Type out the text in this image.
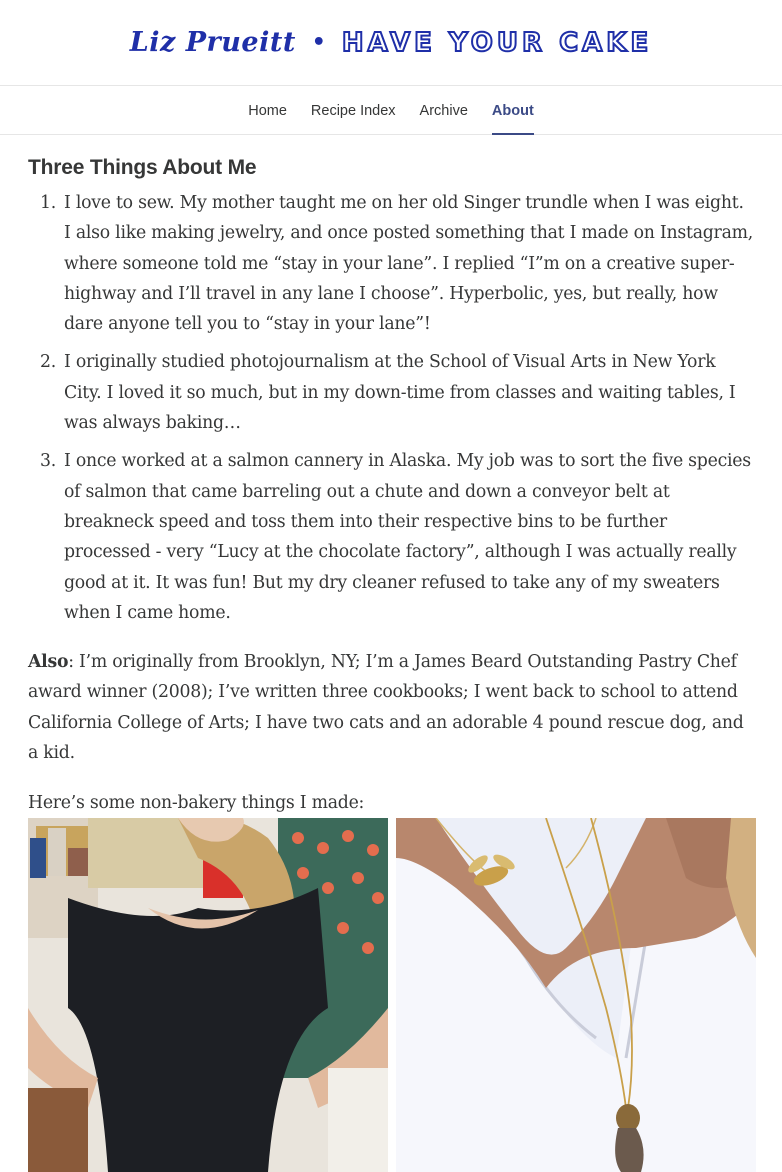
Liz Prueitt • HAVE YOUR CAKE
Home Recipe Index Archive About
Three Things About Me
1. I love to sew. My mother taught me on her old Singer trundle when I was eight. I also like making jewelry, and once posted something that I made on Instagram, where someone told me “stay in your lane”. I replied “I”m on a creative super-highway and I’ll travel in any lane I choose”. Hyperbolic, yes, but really, how dare anyone tell you to “stay in your lane”!
2. I originally studied photojournalism at the School of Visual Arts in New York City. I loved it so much, but in my down-time from classes and waiting tables, I was always baking…
3. I once worked at a salmon cannery in Alaska. My job was to sort the five species of salmon that came barreling out a chute and down a conveyor belt at breakneck speed and toss them into their respective bins to be further processed - very “Lucy at the chocolate factory”, although I was actually really good at it. It was fun! But my dry cleaner refused to take any of my sweaters when I came home.

Also: I’m originally from Brooklyn, NY; I’m a James Beard Outstanding Pastry Chef award winner (2008); I’ve written three cookbooks; I went back to school to attend California College of Arts; I have two cats and an adorable 4 pound rescue dog, and a kid.

Here’s some non-bakery things I made:
